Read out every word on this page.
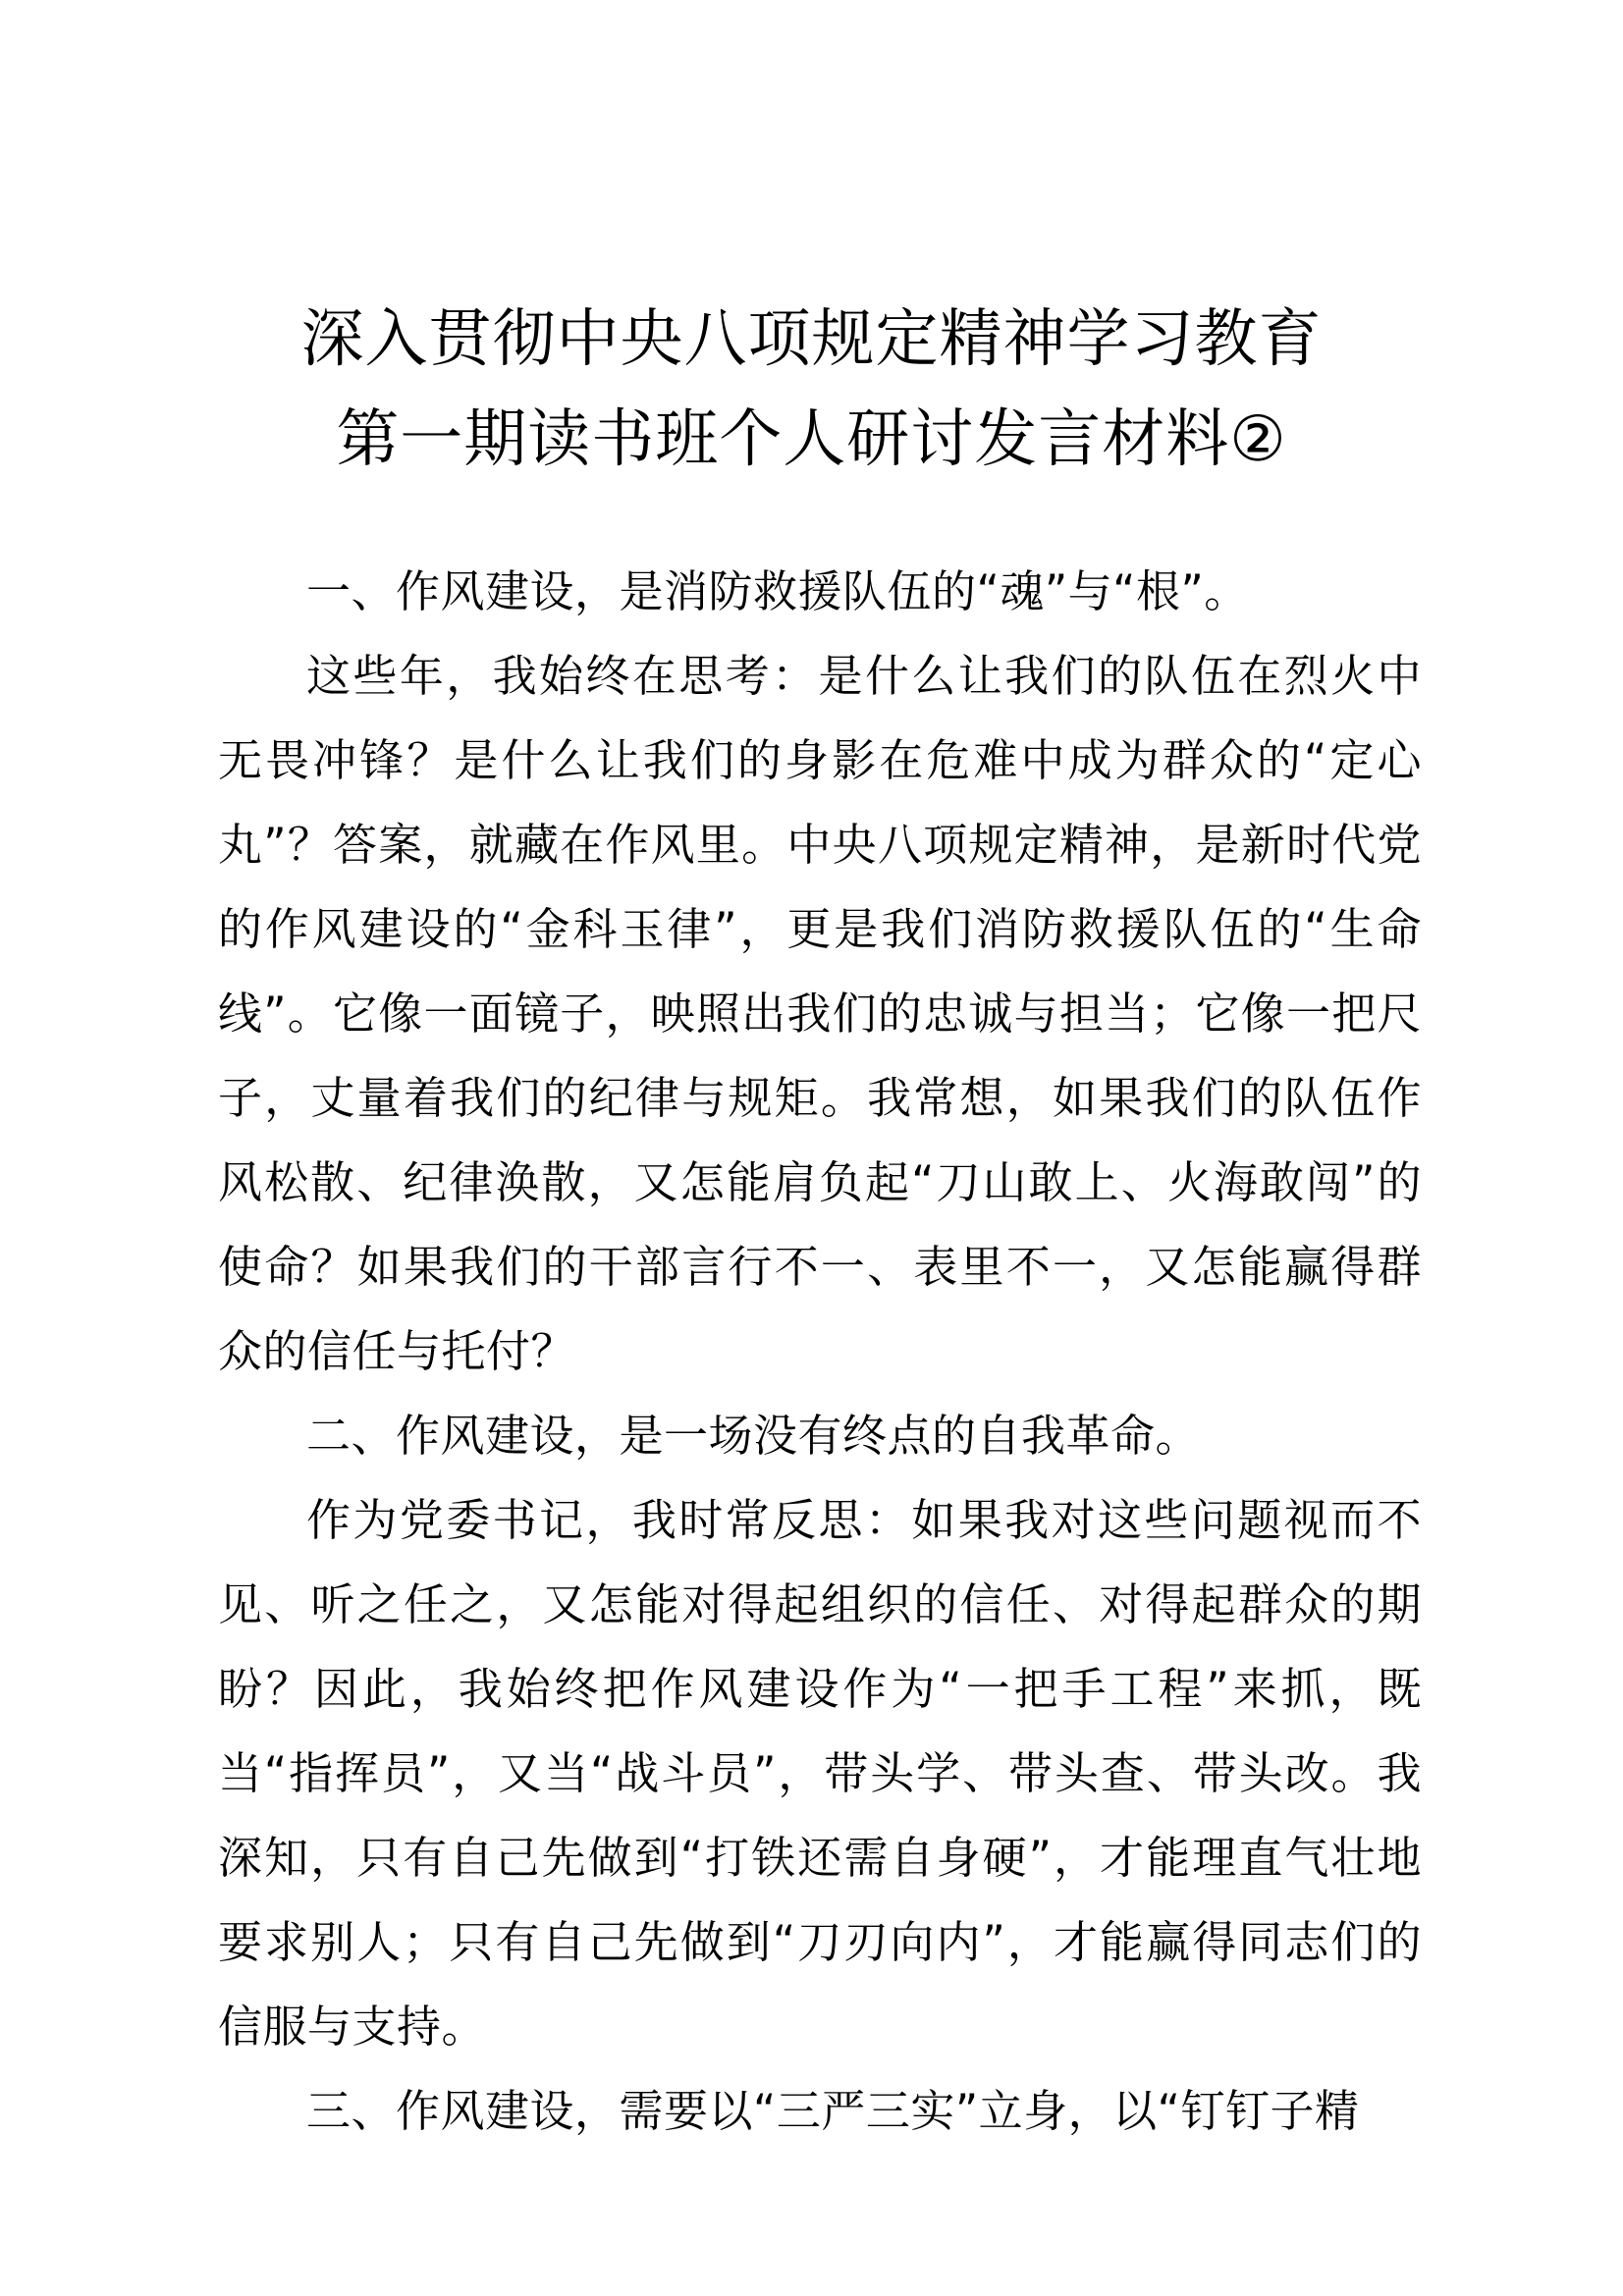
深入贯彻中央八项规定精神学习教育
第一期读书班个人研讨发言材料②

一、作风建设，是消防救援队伍的“魂”与“根”。

这些年，我始终在思考：是什么让我们的队伍在烈火中无畏冲锋？是什么让我们的身影在危难中成为群众的“定心丸”？答案，就藏在作风里。中央八项规定精神，是新时代党的作风建设的“金科玉律”，更是我们消防救援队伍的“生命线”。它像一面镜子，映照出我们的忠诚与担当；它像一把尺子，丈量着我们的纪律与规矩。我常想，如果我们的队伍作风松散、纪律涣散，又怎能肩负起“刀山敢上、火海敢闯”的使命？如果我们的干部言行不一、表里不一，又怎能赢得群众的信任与托付？

二、作风建设，是一场没有终点的自我革命。

作为党委书记，我时常反思：如果我对这些问题视而不见、听之任之，又怎能对得起组织的信任、对得起群众的期盼？因此，我始终把作风建设作为“一把手工程”来抓，既当“指挥员”，又当“战斗员”，带头学、带头查、带头改。我深知，只有自己先做到“打铁还需自身硬”，才能理直气壮地要求别人；只有自己先做到“刀刃向内”，才能赢得同志们的信服与支持。

三、作风建设，需要以“三严三实”立身，以“钉钉子精
